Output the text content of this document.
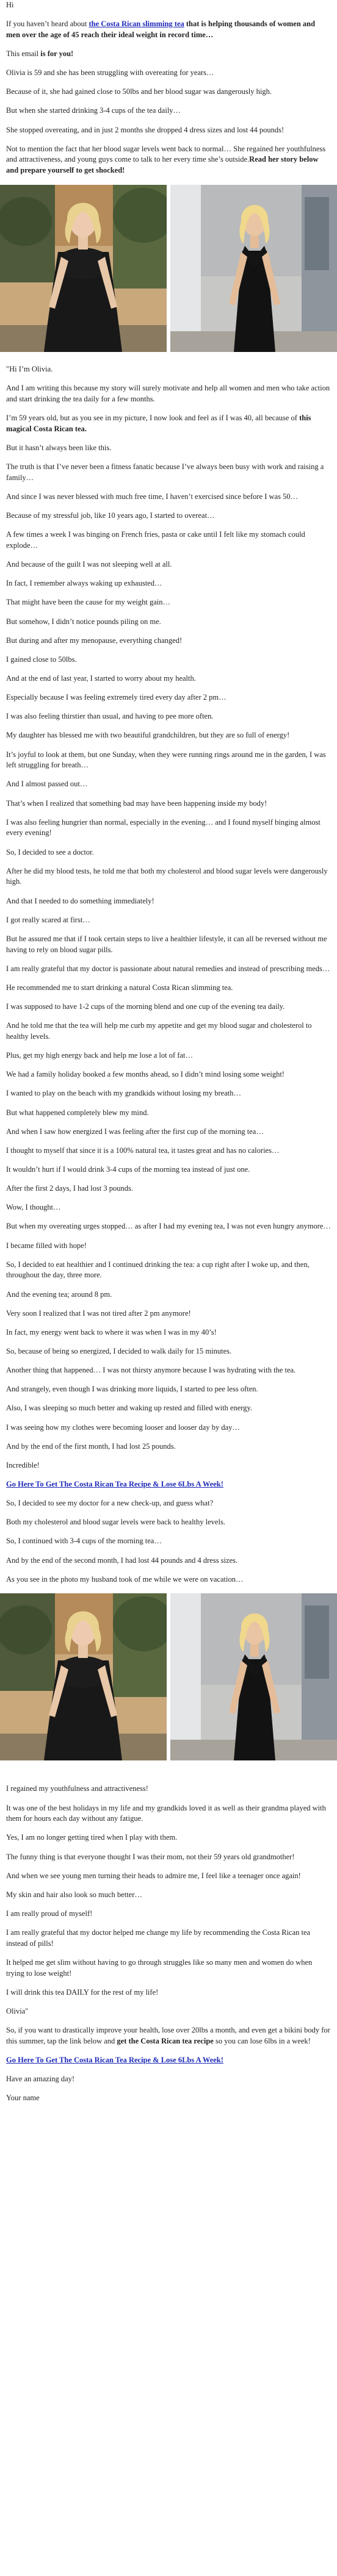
Hi

If you haven’t heard about the Costa Rican slimming tea that is helping thousands of women and men over the age of 45 reach their ideal weight in record time…

This email is for you!

Olivia is 59 and she has been struggling with overeating for years…

Because of it, she had gained close to 50lbs and her blood sugar was dangerously high.

But when she started drinking 3-4 cups of the tea daily…

She stopped overeating, and in just 2 months she dropped 4 dress sizes and lost 44 pounds!

Not to mention the fact that her blood sugar levels went back to normal… She regained her youthfulness and attractiveness, and young guys come to talk to her every time she’s outside.Read her story below and prepare yourself to get shocked!

"Hi I’m Olivia.

And I am writing this because my story will surely motivate and help all women and men who take action and start drinking the tea daily for a few months.

I’m 59 years old, but as you see in my picture, I now look and feel as if I was 40, all because of this magical Costa Rican tea.

But it hasn’t always been like this.

The truth is that I’ve never been a fitness fanatic because I’ve always been busy with work and raising a family…

And since I was never blessed with much free time, I haven’t exercised since before I was 50…

Because of my stressful job, like 10 years ago, I started to overeat…

A few times a week I was binging on French fries, pasta or cake until I felt like my stomach could explode…

And because of the guilt I was not sleeping well at all.

In fact, I remember always waking up exhausted…

That might have been the cause for my weight gain…

But somehow, I didn’t notice pounds piling on me.

But during and after my menopause, everything changed!

I gained close to 50lbs.

And at the end of last year, I started to worry about my health.

Especially because I was feeling extremely tired every day after 2 pm…

I was also feeling thirstier than usual, and having to pee more often.

My daughter has blessed me with two beautiful grandchildren, but they are so full of energy!

It’s joyful to look at them, but one Sunday, when they were running rings around me in the garden, I was left struggling for breath…

And I almost passed out…

That’s when I realized that something bad may have been happening inside my body!

I was also feeling hungrier than normal, especially in the evening… and I found myself binging almost every evening!

So, I decided to see a doctor.

After he did my blood tests, he told me that both my cholesterol and blood sugar levels were dangerously high.

And that I needed to do something immediately!

I got really scared at first…

But he assured me that if I took certain steps to live a healthier lifestyle, it can all be reversed without me having to rely on blood sugar pills.

I am really grateful that my doctor is passionate about natural remedies and instead of prescribing meds…

He recommended me to start drinking a natural Costa Rican slimming tea.

I was supposed to have 1-2 cups of the morning blend and one cup of the evening tea daily.

And he told me that the tea will help me curb my appetite and get my blood sugar and cholesterol to healthy levels.

Plus, get my high energy back and help me lose a lot of fat…

We had a family holiday booked a few months ahead, so I didn’t mind losing some weight!

I wanted to play on the beach with my grandkids without losing my breath…

But what happened completely blew my mind.

And when I saw how energized I was feeling after the first cup of the morning tea…

I thought to myself that since it is a 100% natural tea, it tastes great and has no calories…

It wouldn’t hurt if I would drink 3-4 cups of the morning tea instead of just one.

After the first 2 days, I had lost 3 pounds.

Wow, I thought…

But when my overeating urges stopped… as after I had my evening tea, I was not even hungry anymore…

I became filled with hope!

So, I decided to eat healthier and I continued drinking the tea: a cup right after I woke up, and then, throughout the day, three more.

And the evening tea; around 8 pm.

Very soon I realized that I was not tired after 2 pm anymore!

In fact, my energy went back to where it was when I was in my 40’s!

So, because of being so energized, I decided to walk daily for 15 minutes.

Another thing that happened… I was not thirsty anymore because I was hydrating with the tea.

And strangely, even though I was drinking more liquids, I started to pee less often.

Also, I was sleeping so much better and waking up rested and filled with energy.

I was seeing how my clothes were becoming looser and looser day by day…

And by the end of the first month, I had lost 25 pounds.

Incredible!

Go Here To Get The Costa Rican Tea Recipe & Lose 6Lbs A Week!

So, I decided to see my doctor for a new check-up, and guess what?

Both my cholesterol and blood sugar levels were back to healthy levels.

So, I continued with 3-4 cups of the morning tea…

And by the end of the second month, I had lost 44 pounds and 4 dress sizes.

As you see in the photo my husband took of me while we were on vacation…

I regained my youthfulness and attractiveness!

It was one of the best holidays in my life and my grandkids loved it as well as their grandma played with them for hours each day without any fatigue.

Yes, I am no longer getting tired when I play with them.

The funny thing is that everyone thought I was their mom, not their 59 years old grandmother!

And when we see young men turning their heads to admire me, I feel like a teenager once again!

My skin and hair also look so much better…

I am really proud of myself!

I am really grateful that my doctor helped me change my life by recommending the Costa Rican tea instead of pills!

It helped me get slim without having to go through struggles like so many men and women do when trying to lose weight!

I will drink this tea DAILY for the rest of my life!

Olivia"

So, if you want to drastically improve your health, lose over 20lbs a month, and even get a bikini body for this summer, tap the link below and get the Costa Rican tea recipe so you can lose 6lbs in a week!

Go Here To Get The Costa Rican Tea Recipe & Lose 6Lbs A Week!

Have an amazing day!

Your name
